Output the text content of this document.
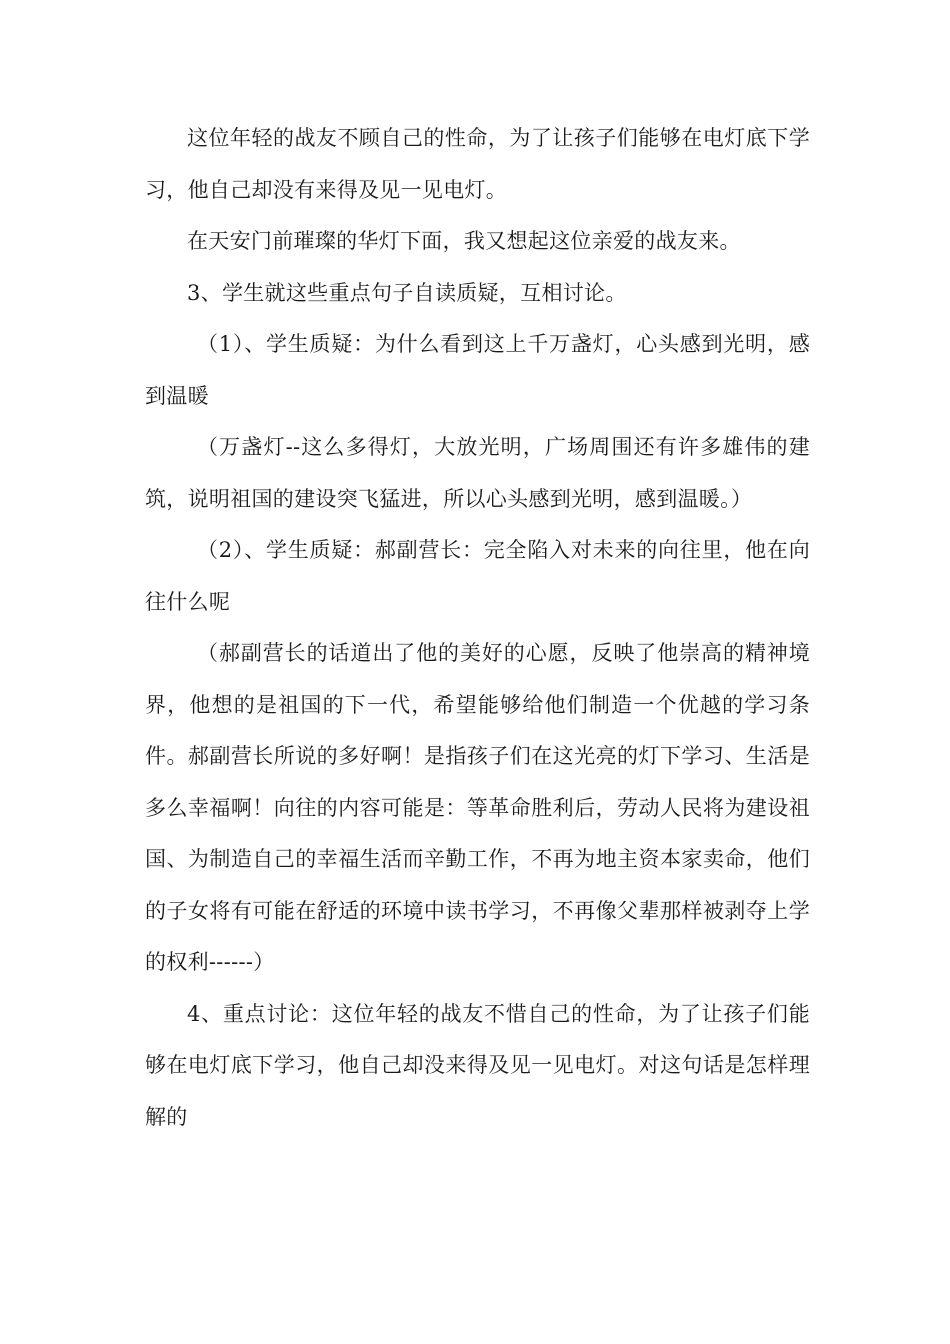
这位年轻的战友不顾自己的性命，为了让孩子们能够在电灯底下学习，他自己却没有来得及见一见电灯。

在天安门前璀璨的华灯下面，我又想起这位亲爱的战友来。

3、学生就这些重点句子自读质疑，互相讨论。

（1）、学生质疑：为什么看到这上千万盏灯，心头感到光明，感到温暖

（万盏灯--这么多得灯，大放光明，广场周围还有许多雄伟的建筑，说明祖国的建设突飞猛进，所以心头感到光明，感到温暖。）

（2）、学生质疑：郝副营长：完全陷入对未来的向往里，他在向往什么呢

（郝副营长的话道出了他的美好的心愿，反映了他崇高的精神境界，他想的是祖国的下一代，希望能够给他们制造一个优越的学习条件。郝副营长所说的多好啊！是指孩子们在这光亮的灯下学习、生活是多么幸福啊！向往的内容可能是：等革命胜利后，劳动人民将为建设祖国、为制造自己的幸福生活而辛勤工作，不再为地主资本家卖命，他们的子女将有可能在舒适的环境中读书学习，不再像父辈那样被剥夺上学的权利------）

4、重点讨论：这位年轻的战友不惜自己的性命，为了让孩子们能够在电灯底下学习，他自己却没来得及见一见电灯。对这句话是怎样理解的
